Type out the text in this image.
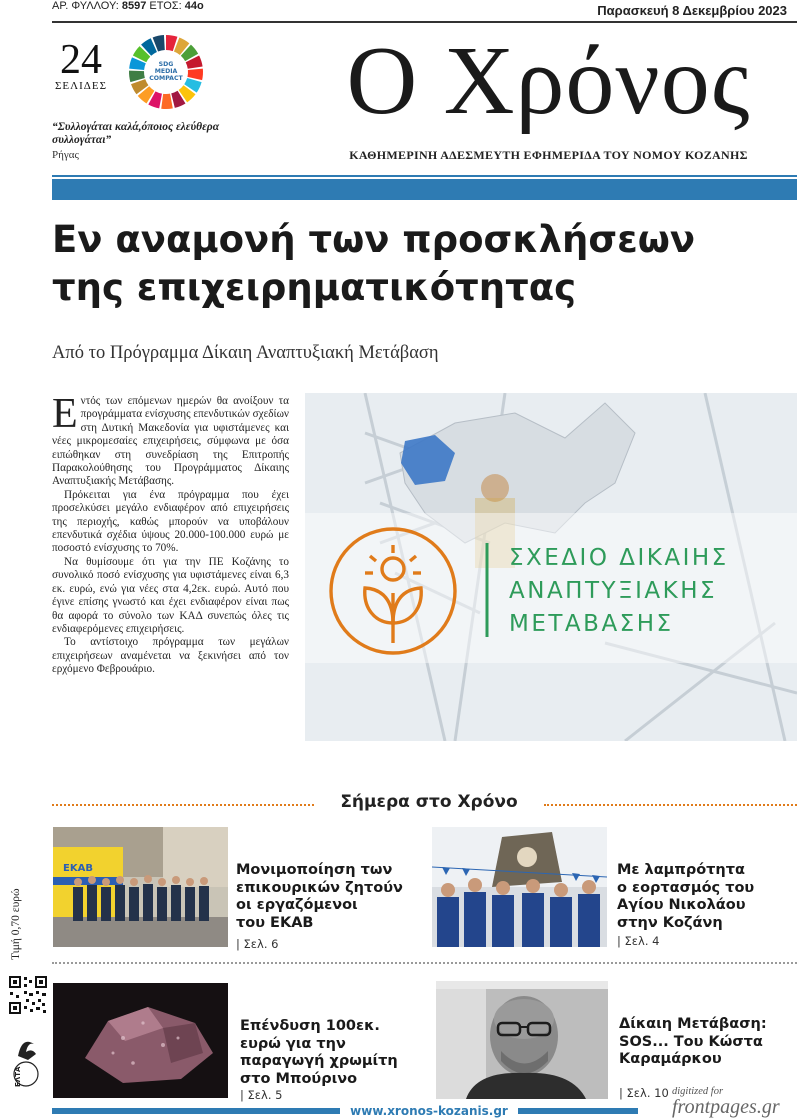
ΑΡ. ΦΥΛΛΟΥ: 8597 ΕΤΟΣ: 44ο	Παρασκευή 8 Δεκεμβρίου 2023
24
ΣΕΛΙΔΕΣ
SDG MEDIA COMPACT
“Συλλογάται καλά,όποιος ελεύθερα συλλογάται”
Ρήγας
Ο Χρόνος
ΚΑΘΗΜΕΡΙΝΗ ΑΔΕΣΜΕΥΤΗ ΕΦΗΜΕΡΙΔΑ ΤΟΥ ΝΟΜΟΥ ΚΟΖΑΝΗΣ
Εν αναμονή των προσκλήσεων
της επιχειρηματικότητας
Από το Πρόγραμμα Δίκαιη Αναπτυξιακή Μετάβαση

Εντός των επόμενων ημερών θα ανοίξουν τα προγράμματα ενίσχυσης επενδυτικών σχεδίων στη Δυτική Μακεδονία για υφιστάμενες και νέες μικρομεσαίες επιχειρήσεις, σύμφωνα με όσα ειπώθηκαν στη συνεδρίαση της Επιτροπής Παρακολούθησης του Προγράμματος Δίκαιης Αναπτυξιακής Μετάβασης.

Πρόκειται για ένα πρόγραμμα που έχει προσελκύσει μεγάλο ενδιαφέρον από επιχειρήσεις της περιοχής, καθώς μπορούν να υποβάλουν επενδυτικά σχέδια ύψους 20.000-100.000 ευρώ με ποσοστό ενίσχυσης το 70%.

Να θυμίσουμε ότι για την ΠΕ Κοζάνης το συνολικό ποσό ενίσχυσης για υφιστάμενες είναι 6,3 εκ. ευρώ, ενώ για νέες στα 4,2εκ. ευρώ. Αυτό που έγινε επίσης γνωστό και έχει ενδιαφέρον είναι πως θα αφορά το σύνολο των ΚΑΔ συνεπώς όλες τις ενδιαφερόμενες επιχειρήσεις.

Το αντίστοιχο πρόγραμμα των μεγάλων επιχειρήσεων αναμένεται να ξεκινήσει από τον ερχόμενο Φεβρουάριο.

ΣΧΕΔΙΟ ΔΙΚΑΙΗΣ
ΑΝΑΠΤΥΞΙΑΚΗΣ
ΜΕΤΑΒΑΣΗΣ
Σήμερα στο Χρόνο
ΕΚΑΒ	Μονιμοποίηση των
επικουρικών ζητούν
οι εργαζόμενοι
του ΕΚΑΒ
| Σελ. 6
Με λαμπρότητα
ο εορτασμός του
Αγίου Νικολάου
στην Κοζάνη
| Σελ. 4
Επένδυση 100εκ.
ευρώ για την
παραγωγή χρωμίτη
στο Μπούρινο
| Σελ. 5
Δίκαιη Μετάβαση:
SOS... Του Κώστα
Καραμάρκου
| Σελ. 10
Τιμή 0,70 ευρώ
ΕΛΤΑ
www.xronos-kozanis.gr
digitized for
frontpages.gr
